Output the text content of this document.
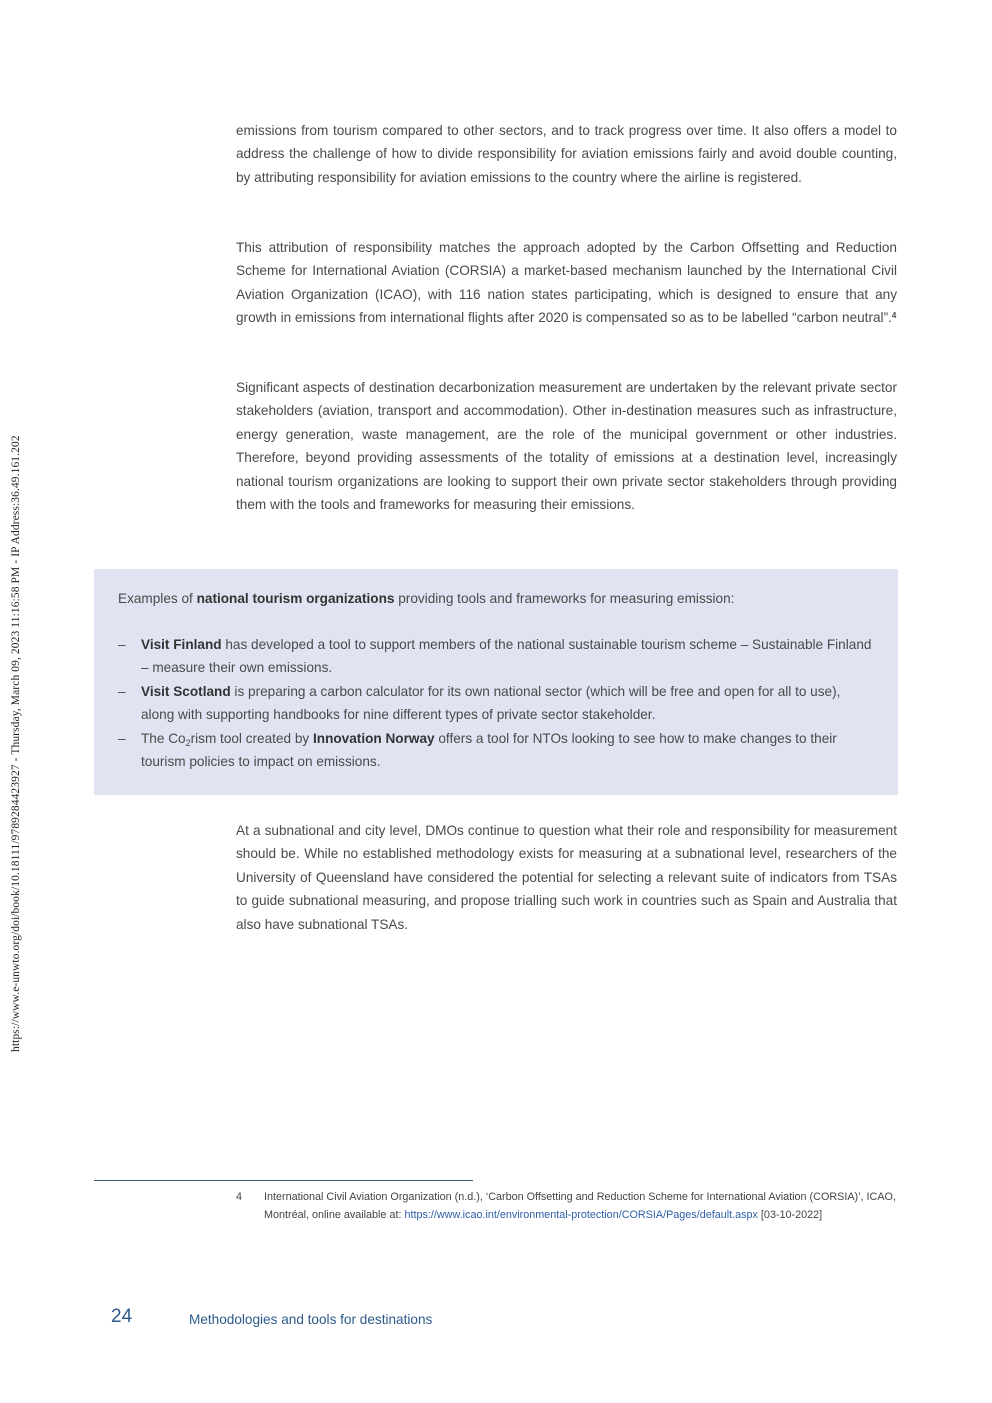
https://www.e-unwto.org/doi/book/10.18111/9789284423927 - Thursday, March 09, 2023 11:16:58 PM - IP Address:36.49.161.202
emissions from tourism compared to other sectors, and to track progress over time. It also offers a model to address the challenge of how to divide responsibility for aviation emissions fairly and avoid double counting, by attributing responsibility for aviation emissions to the country where the airline is registered.
This attribution of responsibility matches the approach adopted by the Carbon Offsetting and Reduction Scheme for International Aviation (CORSIA) a market-based mechanism launched by the International Civil Aviation Organization (ICAO), with 116 nation states participating, which is designed to ensure that any growth in emissions from international flights after 2020 is compensated so as to be labelled “carbon neutral”.$^4$
Significant aspects of destination decarbonization measurement are undertaken by the relevant private sector stakeholders (aviation, transport and accommodation). Other in-destination measures such as infrastructure, energy generation, waste management, are the role of the municipal government or other industries. Therefore, beyond providing assessments of the totality of emissions at a destination level, increasingly national tourism organizations are looking to support their own private sector stakeholders through providing them with the tools and frameworks for measuring their emissions.
Examples of national tourism organizations providing tools and frameworks for measuring emission:
– Visit Finland has developed a tool to support members of the national sustainable tourism scheme – Sustainable Finland – measure their own emissions.
– Visit Scotland is preparing a carbon calculator for its own national sector (which will be free and open for all to use), along with supporting handbooks for nine different types of private sector stakeholder.
– The $Co_2rism$ tool created by Innovation Norway offers a tool for NTOs looking to see how to make changes to their tourism policies to impact on emissions.
At a subnational and city level, DMOs continue to question what their role and responsibility for measurement should be. While no established methodology exists for measuring at a subnational level, researchers of the University of Queensland have considered the potential for selecting a relevant suite of indicators from TSAs to guide subnational measuring, and propose trialling such work in countries such as Spain and Australia that also have subnational TSAs.
4 International Civil Aviation Organization (n.d.), ‘Carbon Offsetting and Reduction Scheme for International Aviation (CORSIA)’, ICAO, Montréal, online available at: https://www.icao.int/environmental-protection/CORSIA/Pages/default.aspx [03-10-2022]
24	Methodologies and tools for destinations
